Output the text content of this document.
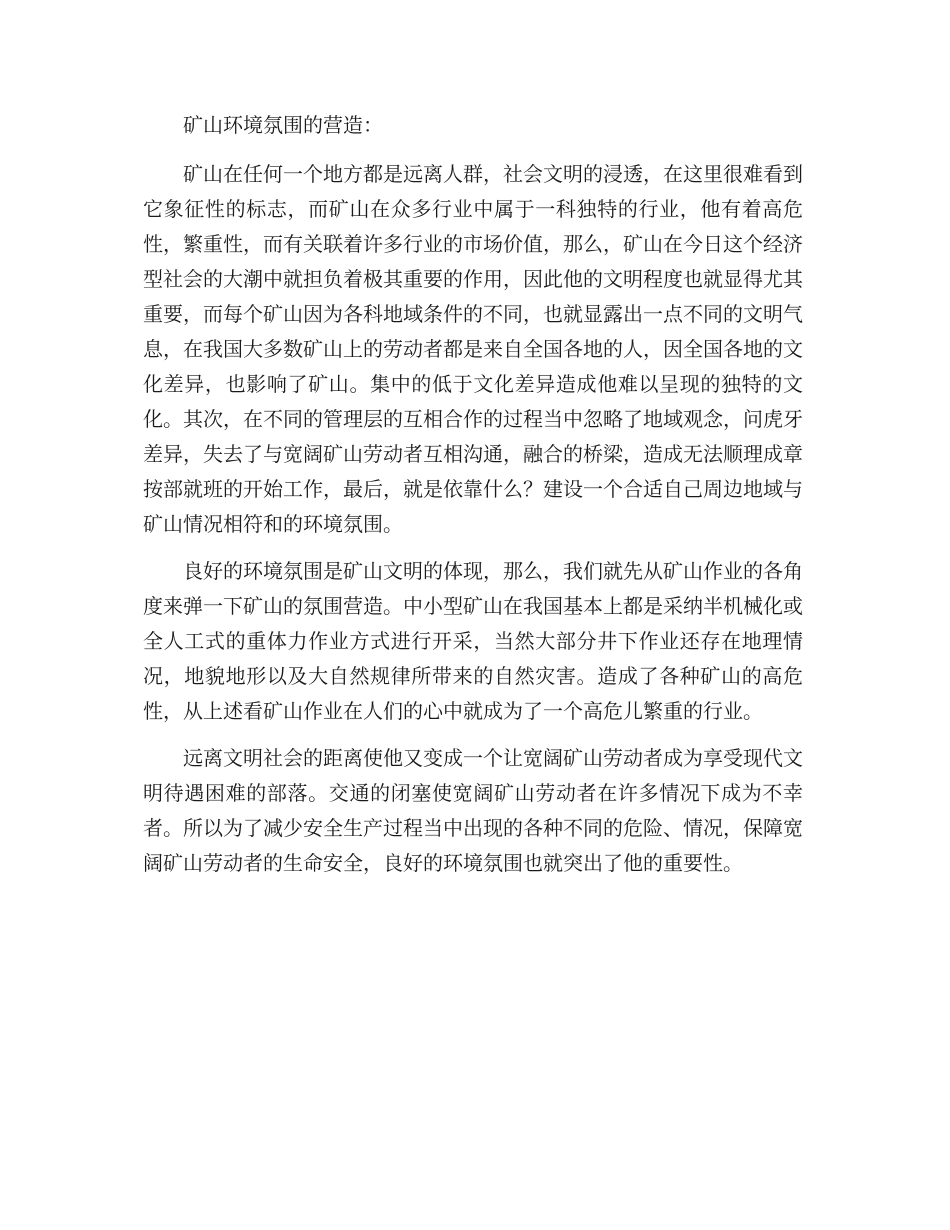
矿山环境氛围的营造：

矿山在任何一个地方都是远离人群，社会文明的浸透，在这里很难看到它象征性的标志，而矿山在众多行业中属于一科独特的行业，他有着高危性，繁重性，而有关联着许多行业的市场价值，那么，矿山在今日这个经济型社会的大潮中就担负着极其重要的作用，因此他的文明程度也就显得尤其重要，而每个矿山因为各科地域条件的不同，也就显露出一点不同的文明气息，在我国大多数矿山上的劳动者都是来自全国各地的人，因全国各地的文化差异，也影响了矿山。集中的低于文化差异造成他难以呈现的独特的文化。其次，在不同的管理层的互相合作的过程当中忽略了地域观念，问虎牙差异，失去了与宽阔矿山劳动者互相沟通，融合的桥梁，造成无法顺理成章按部就班的开始工作，最后，就是依靠什么？建设一个合适自己周边地域与矿山情况相符和的环境氛围。

良好的环境氛围是矿山文明的体现，那么，我们就先从矿山作业的各角度来弹一下矿山的氛围营造。中小型矿山在我国基本上都是采纳半机械化或全人工式的重体力作业方式进行开采，当然大部分井下作业还存在地理情况，地貌地形以及大自然规律所带来的自然灾害。造成了各种矿山的高危性，从上述看矿山作业在人们的心中就成为了一个高危儿繁重的行业。

远离文明社会的距离使他又变成一个让宽阔矿山劳动者成为享受现代文明待遇困难的部落。交通的闭塞使宽阔矿山劳动者在许多情况下成为不幸者。所以为了减少安全生产过程当中出现的各种不同的危险、情况，保障宽阔矿山劳动者的生命安全，良好的环境氛围也就突出了他的重要性。
